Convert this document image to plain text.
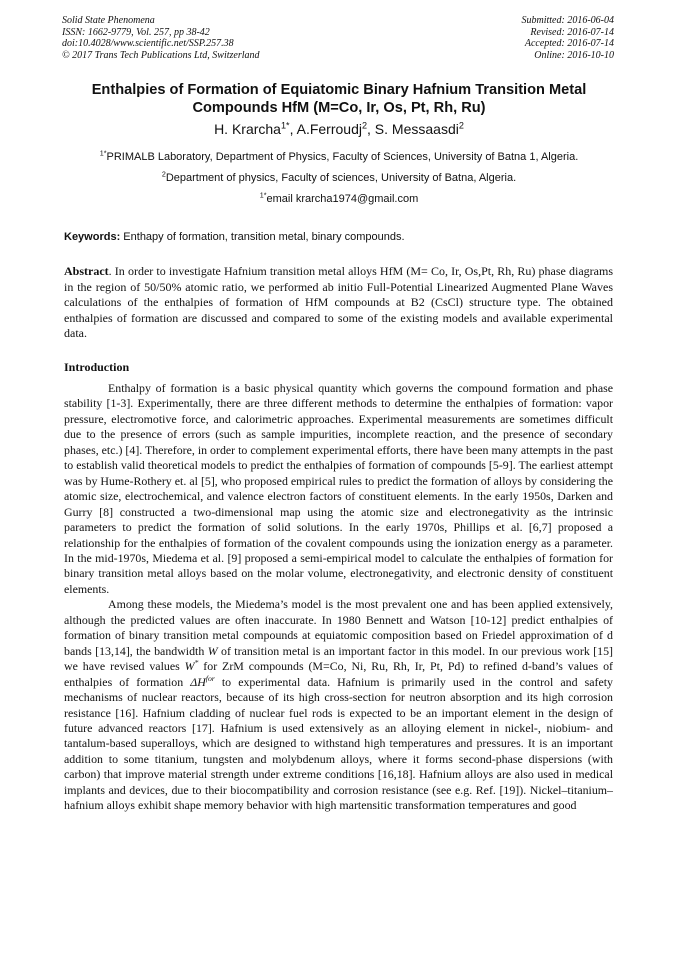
Solid State Phenomena
ISSN: 1662-9779, Vol. 257, pp 38-42
doi:10.4028/www.scientific.net/SSP.257.38
© 2017 Trans Tech Publications Ltd, Switzerland
Submitted: 2016-06-04
Revised: 2016-07-14
Accepted: 2016-07-14
Online: 2016-10-10
Enthalpies of Formation of Equiatomic Binary Hafnium Transition Metal
Compounds HfM (M=Co, Ir, Os, Pt, Rh, Ru)
H. Krarcha$^{1*}$, A.Ferroudj$^2$, S. Messaasdi$^2$
$^{1*}$PRIMALB Laboratory, Department of Physics, Faculty of Sciences, University of Batna 1, Algeria.
$^2$Department of physics, Faculty of sciences, University of Batna, Algeria.
$^{1*}$email krarcha1974@gmail.com
Keywords: Enthapy of formation, transition metal, binary compounds.
Abstract. In order to investigate Hafnium transition metal alloys HfM (M= Co, Ir, Os,Pt, Rh, Ru) phase diagrams in the region of 50/50% atomic ratio, we performed ab initio Full-Potential Linearized Augmented Plane Waves calculations of the enthalpies of formation of HfM compounds at B2 (CsCl) structure type. The obtained enthalpies of formation are discussed and compared to some of the existing models and available experimental data.
Introduction

Enthalpy of formation is a basic physical quantity which governs the compound formation and phase stability [1-3]. Experimentally, there are three different methods to determine the enthalpies of formation: vapor pressure, electromotive force, and calorimetric approaches. Experimental measurements are sometimes difficult due to the presence of errors (such as sample impurities, incomplete reaction, and the presence of secondary phases, etc.) [4]. Therefore, in order to complement experimental efforts, there have been many attempts in the past to establish valid theoretical models to predict the enthalpies of formation of compounds [5-9]. The earliest attempt was by Hume-Rothery et. al [5], who proposed empirical rules to predict the formation of alloys by considering the atomic size, electrochemical, and valence electron factors of constituent elements. In the early 1950s, Darken and Gurry [8] constructed a two-dimensional map using the atomic size and electronegativity as the intrinsic parameters to predict the formation of solid solutions. In the early 1970s, Phillips et al. [6,7] proposed a relationship for the enthalpies of formation of the covalent compounds using the ionization energy as a parameter. In the mid-1970s, Miedema et al. [9] proposed a semi-empirical model to calculate the enthalpies of formation for binary transition metal alloys based on the molar volume, electronegativity, and electronic density of constituent elements.

Among these models, the Miedema’s model is the most prevalent one and has been applied extensively, although the predicted values are often inaccurate. In 1980 Bennett and Watson [10-12] predict enthalpies of formation of binary transition metal compounds at equiatomic composition based on Friedel approximation of d bands [13,14], the bandwidth W of transition metal is an important factor in this model. In our previous work [15] we have revised values W* for ZrM compounds (M=Co, Ni, Ru, Rh, Ir, Pt, Pd) to refined d-band’s values of enthalpies of formation $\Delta H^{for}$ to experimental data. Hafnium is primarily used in the control and safety mechanisms of nuclear reactors, because of its high cross-section for neutron absorption and its high corrosion resistance [16]. Hafnium cladding of nuclear fuel rods is expected to be an important element in the design of future advanced reactors [17]. Hafnium is used extensively as an alloying element in nickel-, niobium- and tantalum-based superalloys, which are designed to withstand high temperatures and pressures. It is an important addition to some titanium, tungsten and molybdenum alloys, where it forms second-phase dispersions (with carbon) that improve material strength under extreme conditions [16,18]. Hafnium alloys are also used in medical implants and devices, due to their biocompatibility and corrosion resistance (see e.g. Ref. [19]). Nickel–titanium–hafnium alloys exhibit shape memory behavior with high martensitic transformation temperatures and good
